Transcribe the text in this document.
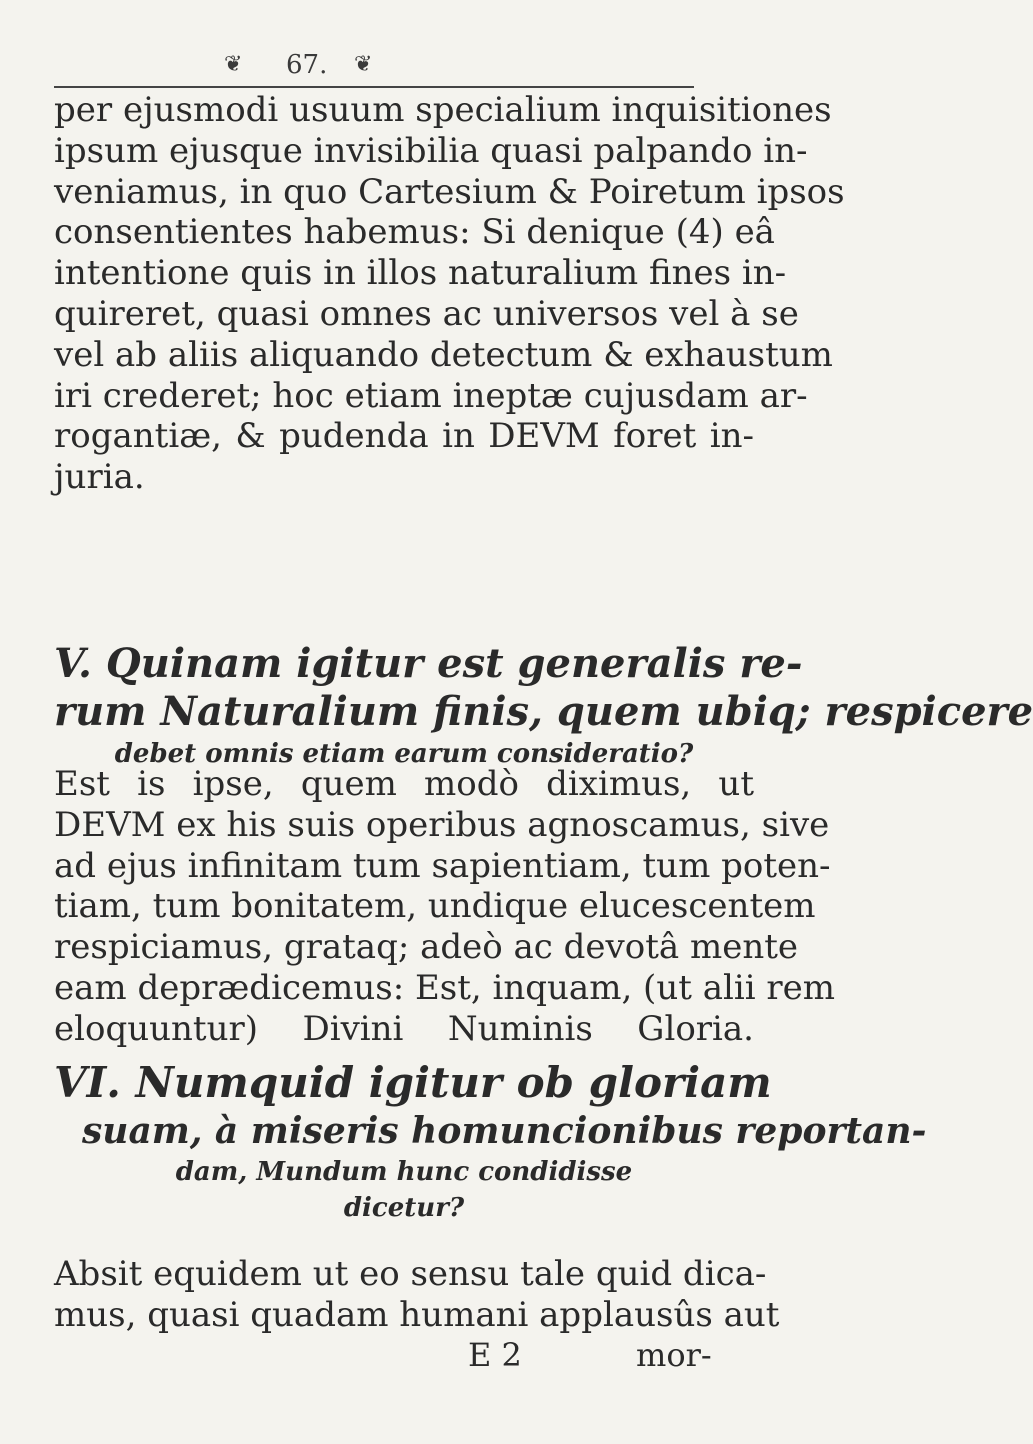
❦ 67. ❦

per ejusmodi usuum specialium inquisitiones

ipsum ejusque invisibilia quasi palpando in-

veniamus, in quo Cartesium & Poiretum ipsos

consentientes habemus: Si denique (4) eâ

intentione quis in illos naturalium fines in-

quireret, quasi omnes ac universos vel à se

vel ab aliis aliquando detectum & exhaustum

iri crederet; hoc etiam ineptæ cujusdam ar-

rogantiæ, & pudenda in DEVM foret in-

juria.

V. Quinam igitur est generalis re-

rum Naturalium finis, quem ubiq; respicere

debet omnis etiam earum consideratio?

Est is ipse, quem modò diximus, ut

DEVM ex his suis operibus agnoscamus, sive

ad ejus infinitam tum sapientiam, tum poten-

tiam, tum bonitatem, undique elucescentem

respiciamus, grataq; adeò ac devotâ mente

eam deprædicemus: Est, inquam, (ut alii rem

eloquuntur) Divini Numinis Gloria.

VI. Numquid igitur ob gloriam

suam, à miseris homuncionibus reportan-

dam, Mundum hunc condidisse

dicetur?

Absit equidem ut eo sensu tale quid dica-

mus, quasi quadam humani applausûs aut

E 2	mor-
